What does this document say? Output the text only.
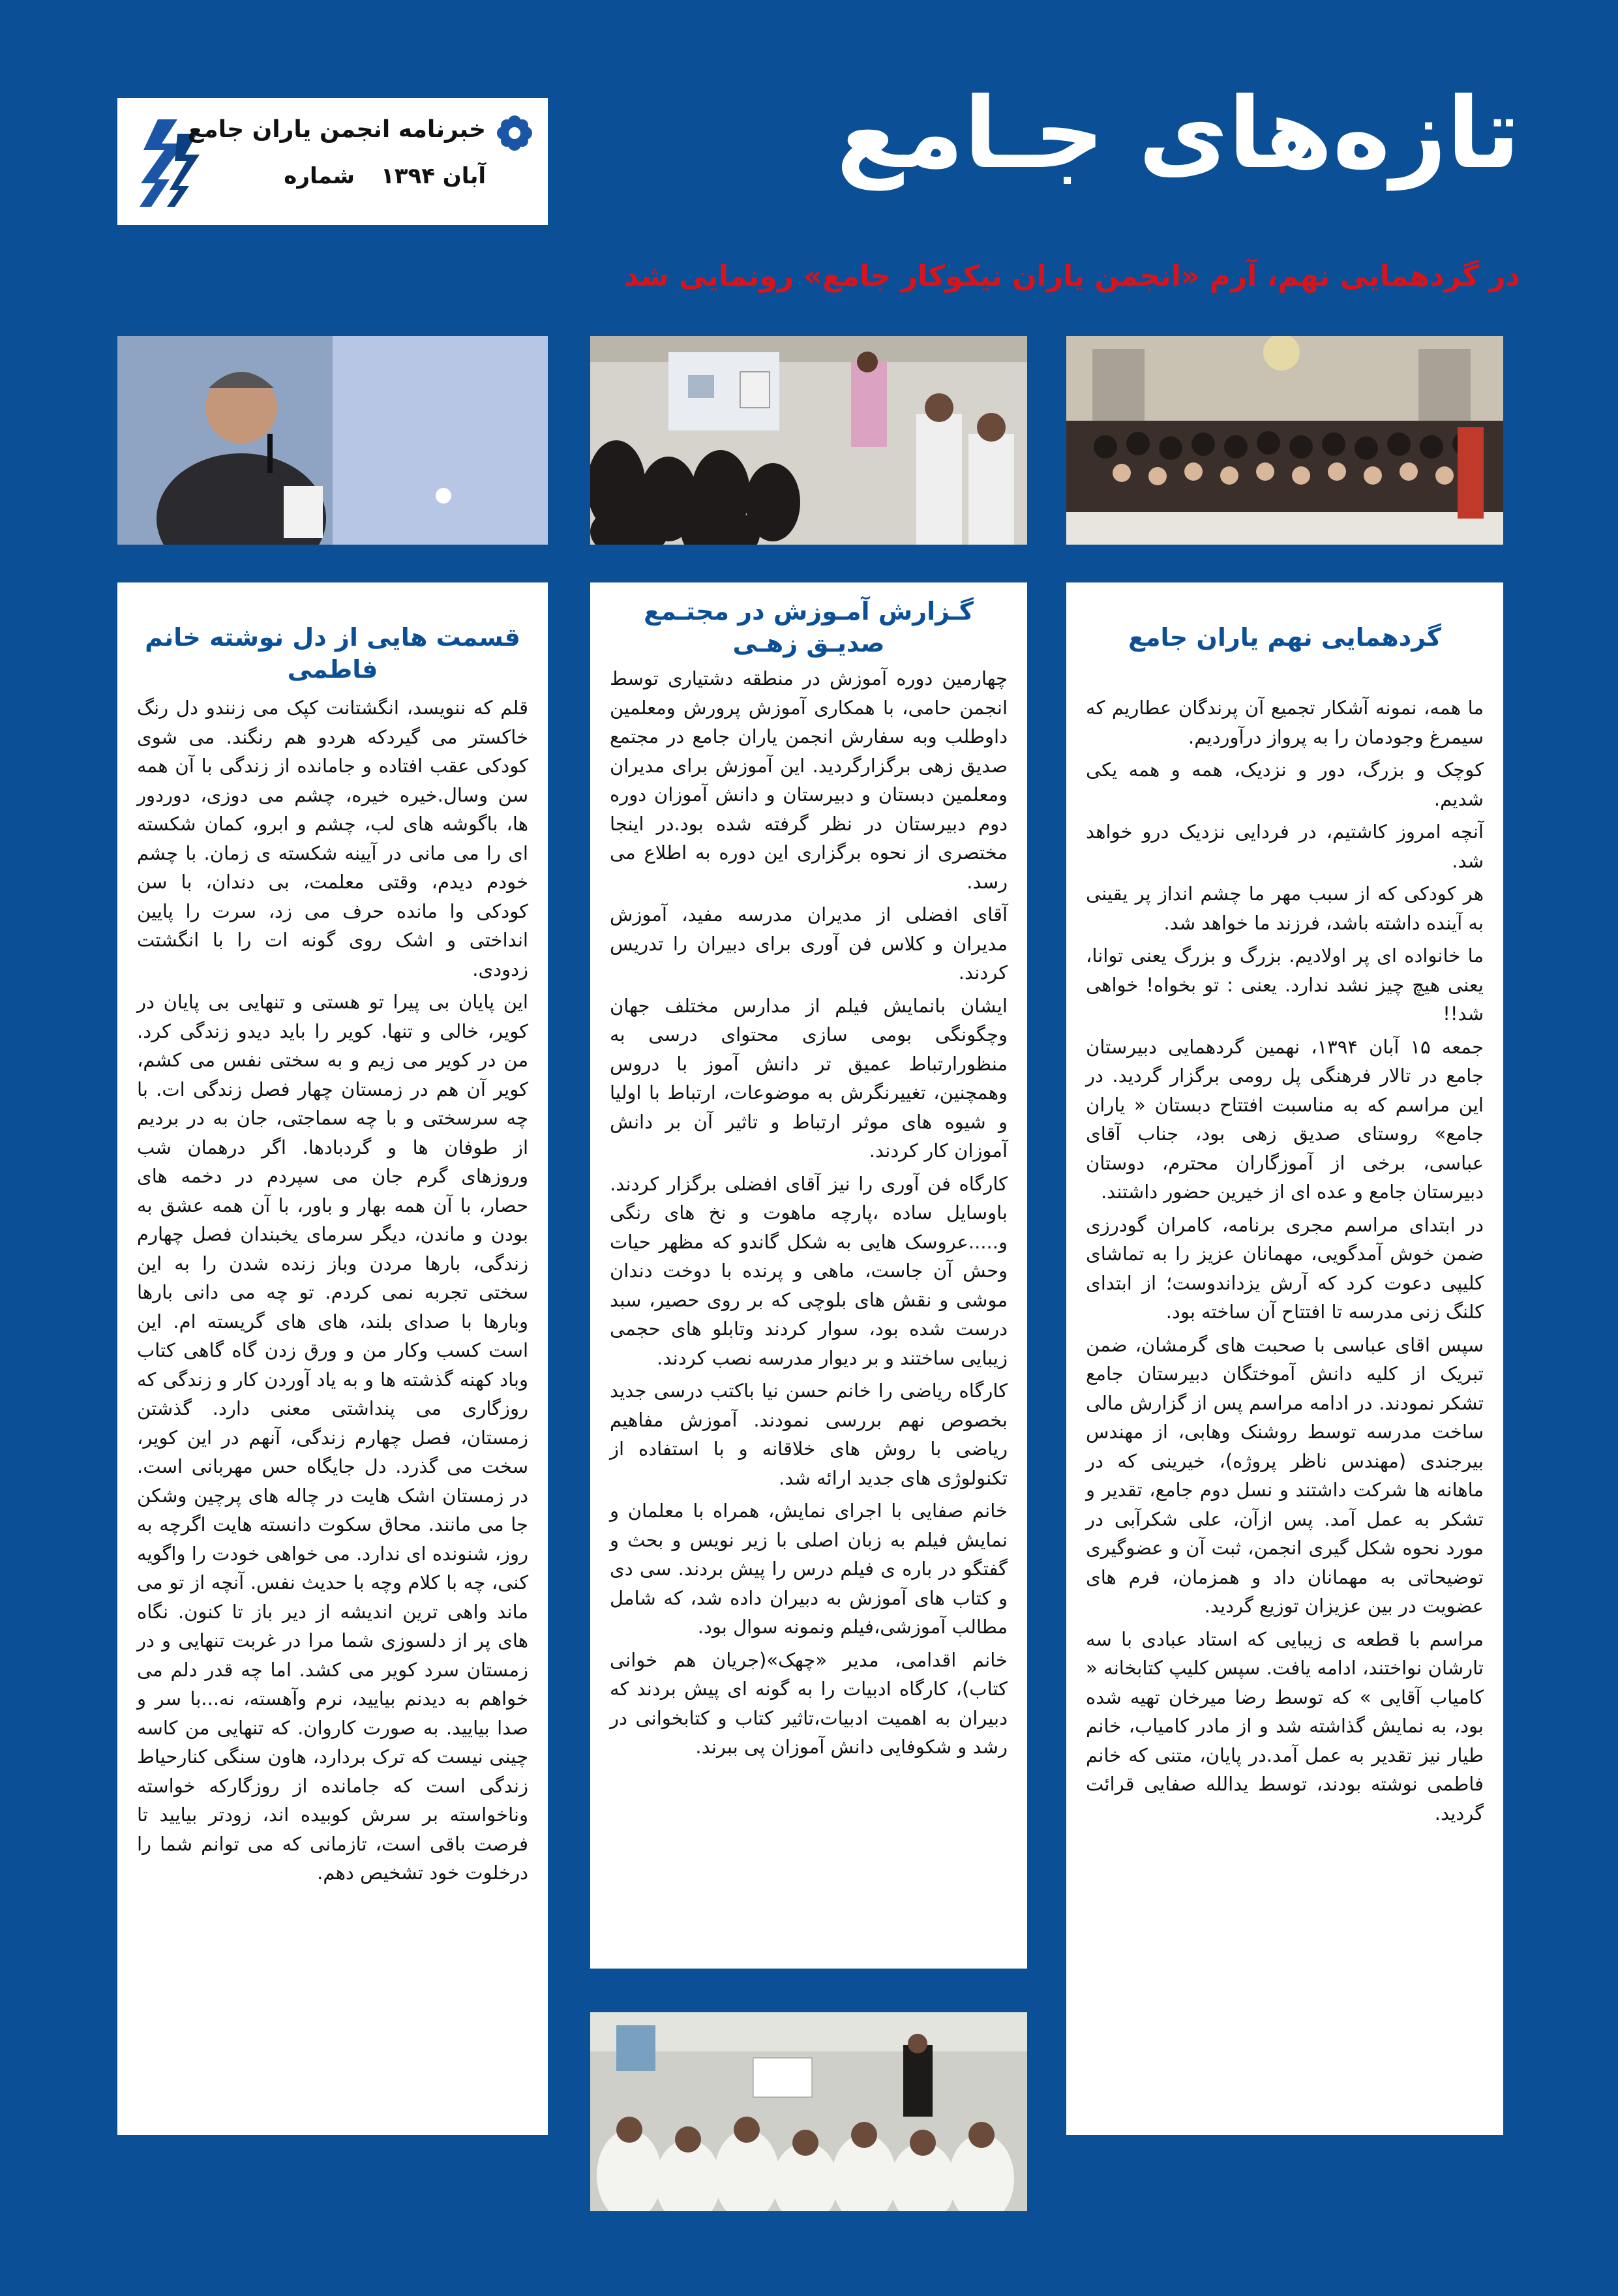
تازه‌های جـامع
خبرنامه انجمن یاران جامع
آبان ۱۳۹۴شماره
در گردهمایی نهم، آرم «انجمن یاران نیکوکار جامع» رونمایی شد
گردهمایی نهم یاران جامع

ما همه، نمونه آشکار تجمیع آن پرندگان عطاریم که سیمرغ وجودمان را به پرواز درآوردیم.

کوچک و بزرگ، دور و نزدیک، همه و همه یکی شدیم.

آنچه امروز کاشتیم، در فردایی نزدیک درو خواهد شد.

هر کودکی که از سبب مهر ما چشم انداز پر یقینی به آینده داشته باشد، فرزند ما خواهد شد.

ما خانواده ای پر اولادیم. بزرگ و بزرگ یعنی توانا، یعنی هیچ چیز نشد ندارد. یعنی : تو بخواه! خواهی شد!!

جمعه ۱۵ آبان ۱۳۹۴، نهمین گردهمایی دبیرستان جامع در تالار فرهنگی پل رومی برگزار گردید. در این مراسم که به مناسبت افتتاح دبستان « یاران جامع» روستای صدیق زهی بود، جناب آقای عباسی، برخی از آموزگاران محترم، دوستان دبیرستان جامع و عده ای از خیرین حضور داشتند.

در ابتدای مراسم مجری برنامه، کامران گودرزی ضمن خوش آمدگویی، مهمانان عزیز را به تماشای کلیپی دعوت کرد که آرش یزداندوست؛ از ابتدای کلنگ زنی مدرسه تا افتتاح آن ساخته بود.

سپس اقای عباسی با صحبت های گرمشان، ضمن تبریک از کلیه دانش آموختگان دبیرستان جامع تشکر نمودند. در ادامه مراسم پس از گزارش مالی ساخت مدرسه توسط روشنک وهابی، از مهندس بیرجندی (مهندس ناظر پروژه)، خیرینی که در ماهانه ها شرکت داشتند و نسل دوم جامع، تقدیر و تشکر به عمل آمد. پس ازآن، علی شکرآبی در مورد نحوه شکل گیری انجمن، ثبت آن و عضوگیری توضیحاتی به مهمانان داد و همزمان، فرم های عضویت در بین عزیزان توزیع گردید.

مراسم با قطعه ی زیبایی که استاد عبادی با سه تارشان نواختند، ادامه یافت. سپس کلیپ کتابخانه « کامیاب آقایی » که توسط رضا میرخان تهیه شده بود، به نمایش گذاشته شد و از مادر کامیاب، خانم طیار نیز تقدیر به عمل آمد.در پایان، متنی که خانم فاطمی نوشته بودند، توسط یدالله صفایی قرائت گردید.

گـزارش آمـوزش در مجتـمع صديـق زهـی

چهارمین دوره آموزش در منطقه دشتیاری توسط انجمن حامی، با همکاری آموزش پرورش ومعلمین داوطلب وبه سفارش انجمن یاران جامع در مجتمع صدیق زهی برگزارگردید. این آموزش برای مدیران ومعلمین دبستان و دبیرستان و دانش آموزان دوره دوم دبیرستان در نظر گرفته شده بود.در اینجا مختصری از نحوه برگزاری این دوره به اطلاع می رسد.

آقای افضلی از مدیران مدرسه مفید، آموزش مدیران و کلاس فن آوری برای دبیران را تدریس کردند.

ایشان بانمایش فیلم از مدارس مختلف جهان وچگونگی بومی سازی محتوای درسی به منظورارتباط عمیق تر دانش آموز با دروس وهمچنین، تغییرنگرش به موضوعات، ارتباط با اولیا و شیوه های موثر ارتباط و تاثیر آن بر دانش آموزان کار کردند.

کارگاه فن آوری را نیز آقای افضلی برگزار کردند. باوسایل ساده ،پارچه ماهوت و نخ های رنگی و.....عروسک هایی به شکل گاندو که مظهر حیات وحش آن جاست، ماهی و پرنده با دوخت دندان موشی و نقش های بلوچی که بر روی حصیر، سبد درست شده بود، سوار کردند وتابلو های حجمی زیبایی ساختند و بر دیوار مدرسه نصب کردند.

کارگاه ریاضی را خانم حسن نیا باکتب درسی جدید بخصوص نهم بررسی نمودند. آموزش مفاهیم ریاضی با روش های خلاقانه و با استفاده از تکنولوژی های جدید ارائه شد.

خانم صفایی با اجرای نمایش، همراه با معلمان و نمایش فیلم به زبان اصلی با زیر نویس و بحث و گفتگو در باره ی فیلم درس را پیش بردند. سی دی و کتاب های آموزش به دبیران داده شد، که شامل مطالب آموزشی،فیلم ونمونه سوال بود.

خانم اقدامی، مدیر «چهک»(جریان هم خوانی کتاب)، کارگاه ادبیات را به گونه ای پیش بردند که دبیران به اهمیت ادبیات،تاثیر کتاب و کتابخوانی در رشد و شکوفایی دانش آموزان پی ببرند.

قسمت هایی از دل نوشته خانم فاطمی

قلم که ننویسد، انگشتانت کپک می زنندو دل رنگ خاکستر می گیردکه هردو هم رنگند. می شوی کودکی عقب افتاده و جامانده از زندگی با آن همه سن وسال.خیره خیره، چشم می دوزی، دوردور ها، باگوشه های لب، چشم و ابرو، کمان شکسته ای را می مانی در آیینه شکسته ی زمان. با چشم خودم دیدم، وقتی معلمت، بی دندان، با سن کودکی وا مانده حرف می زد، سرت را پایین انداختی و اشک روی گونه ات را با انگشتت زدودی.

این پایان بی پیرا تو هستی و تنهایی بی پایان در کویر، خالی و تنها. کویر را باید دیدو زندگی کرد. من در کویر می زیم و به سختی نفس می کشم، کویر آن هم در زمستان چهار فصل زندگی ات. با چه سرسختی و با چه سماجتی، جان به در بردیم از طوفان ها و گردبادها. اگر درهمان شب وروزهای گرم جان می سپردم در دخمه های حصار، با آن همه بهار و باور، با آن همه عشق به بودن و ماندن، دیگر سرمای یخبندان فصل چهارم زندگی، بارها مردن وباز زنده شدن را به این سختی تجربه نمی کردم. تو چه می دانی بارها وبارها با صدای بلند، های های گریسته ام. این است کسب وکار من و ورق زدن گاه گاهی کتاب وباد کهنه گذشته ها و به یاد آوردن کار و زندگی که روزگاری می پنداشتی معنی دارد. گذشتن زمستان، فصل چهارم زندگی، آنهم در این کویر، سخت می گذرد. دل جایگاه حس مهربانی است. در زمستان اشک هایت در چاله های پرچین وشکن جا می مانند. محاق سکوت دانسته هایت اگرچه به روز، شنونده ای ندارد. می خواهی خودت را واگویه کنی، چه با کلام وچه با حدیث نفس. آنچه از تو می ماند واهی ترین اندیشه از دیر باز تا کنون. نگاه های پر از دلسوزی شما مرا در غربت تنهایی و در زمستان سرد کویر می کشد. اما چه قدر دلم می خواهم به دیدنم بیایید، نرم وآهسته، نه...با سر و صدا بیایید. به صورت کاروان. که تنهایی من کاسه چینی نیست که ترک بردارد، هاون سنگی کنارحیاط زندگی است که جامانده از روزگارکه خواسته وناخواسته بر سرش کوبیده اند، زودتر بیایید تا فرصت باقی است، تازمانی که می توانم شما را درخلوت خود تشخیص دهم.
